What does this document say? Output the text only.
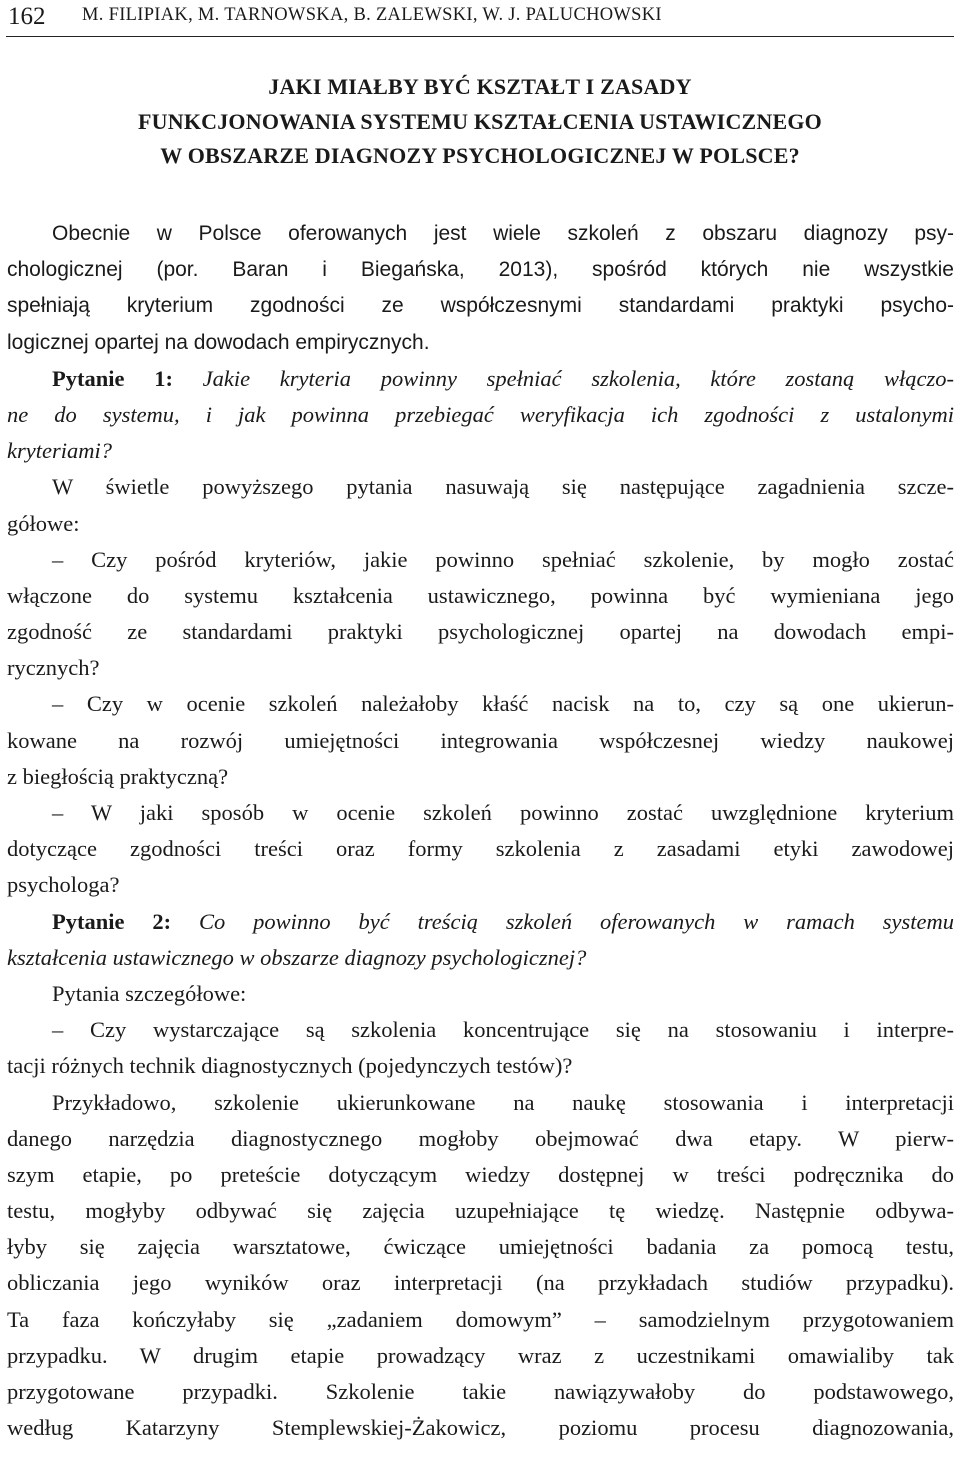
162 M. FILIPIAK, M. TARNOWSKA, B. ZALEWSKI, W. J. PALUCHOWSKI
JAKI MIAŁBY BYĆ KSZTAŁT I ZASADY
FUNKCJONOWANIA SYSTEMU KSZTAŁCENIA USTAWICZNEGO
W OBSZARZE DIAGNOZY PSYCHOLOGICZNEJ W POLSCE?
Obecnie w Polsce oferowanych jest wiele szkoleń z obszaru diagnozy psy-
chologicznej (por. Baran i Biegańska, 2013), spośród których nie wszystkie
spełniają kryterium zgodności ze współczesnymi standardami praktyki psycho-
logicznej opartej na dowodach empirycznych.
Pytanie 1: Jakie kryteria powinny spełniać szkolenia, które zostaną włączo-
ne do systemu, i jak powinna przebiegać weryfikacja ich zgodności z ustalonymi
kryteriami?
W świetle powyższego pytania nasuwają się następujące zagadnienia szcze-
gółowe:
– Czy pośród kryteriów, jakie powinno spełniać szkolenie, by mogło zostać
włączone do systemu kształcenia ustawicznego, powinna być wymieniana jego
zgodność ze standardami praktyki psychologicznej opartej na dowodach empi-
rycznych?
– Czy w ocenie szkoleń należałoby kłaść nacisk na to, czy są one ukierun-
kowane na rozwój umiejętności integrowania współczesnej wiedzy naukowej
z biegłością praktyczną?
– W jaki sposób w ocenie szkoleń powinno zostać uwzględnione kryterium
dotyczące zgodności treści oraz formy szkolenia z zasadami etyki zawodowej
psychologa?
Pytanie 2: Co powinno być treścią szkoleń oferowanych w ramach systemu
kształcenia ustawicznego w obszarze diagnozy psychologicznej?
Pytania szczegółowe:
– Czy wystarczające są szkolenia koncentrujące się na stosowaniu i interpre-
tacji różnych technik diagnostycznych (pojedynczych testów)?
Przykładowo, szkolenie ukierunkowane na naukę stosowania i interpretacji
danego narzędzia diagnostycznego mogłoby obejmować dwa etapy. W pierw-
szym etapie, po preteście dotyczącym wiedzy dostępnej w treści podręcznika do
testu, mogłyby odbywać się zajęcia uzupełniające tę wiedzę. Następnie odbywa-
łyby się zajęcia warsztatowe, ćwiczące umiejętności badania za pomocą testu,
obliczania jego wyników oraz interpretacji (na przykładach studiów przypadku).
Ta faza kończyłaby się „zadaniem domowym” – samodzielnym przygotowaniem
przypadku. W drugim etapie prowadzący wraz z uczestnikami omawialiby tak
przygotowane przypadki. Szkolenie takie nawiązywałoby do podstawowego,
według Katarzyny Stemplewskiej-Żakowicz, poziomu procesu diagnozowania,
